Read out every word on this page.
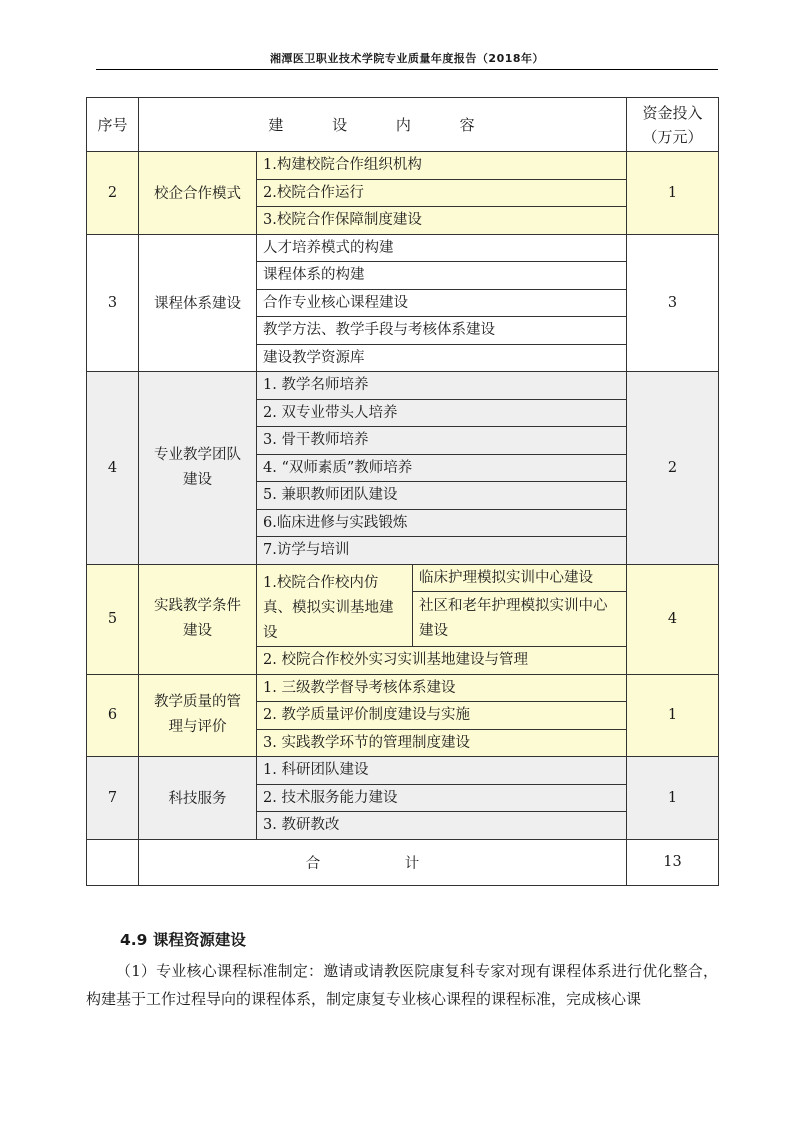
湘潭医卫职业技术学院专业质量年度报告（2018年）
序号	建 设 内 容			资金投入（万元）
2	校企合作模式	1.构建校院合作组织机构		1
		2.校院合作运行		
		3.校院合作保障制度建设		
3	课程体系建设	人才培养模式的构建		3
		课程体系的构建		
		合作专业核心课程建设		
		教学方法、教学手段与考核体系建设		
		建设教学资源库		
4	专业教学团队建设	1. 教学名师培养		2
		2. 双专业带头人培养		
		3. 骨干教师培养		
		4. “双师素质”教师培养		
		5. 兼职教师团队建设		
		6.临床进修与实践锻炼		
		7.访学与培训		
5	实践教学条件建设	1.校院合作校内仿真、模拟实训基地建设	临床护理模拟实训中心建设	4
			社区和老年护理模拟实训中心建设	
		2. 校院合作校外实习实训基地建设与管理		
6	教学质量的管理与评价	1. 三级教学督导考核体系建设		1
		2. 教学质量评价制度建设与实施		
		3. 实践教学环节的管理制度建设		
7	科技服务	1. 科研团队建设		1
		2. 技术服务能力建设		
		3. 教研教改		
	合 计			13
4.9 课程资源建设
（1）专业核心课程标准制定：邀请或请教医院康复科专家对现有课程体系进行优化整合，构建基于工作过程导向的课程体系，制定康复专业核心课程的课程标准，完成核心课
